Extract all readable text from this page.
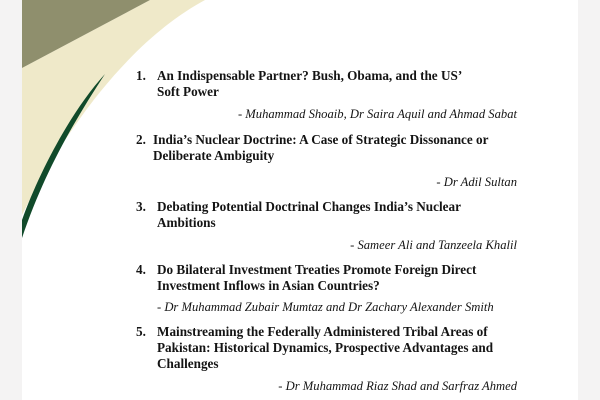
1. An Indispensable Partner? Bush, Obama, and the US’
Soft Power
- Muhammad Shoaib, Dr Saira Aquil and Ahmad Sabat
2. India’s Nuclear Doctrine: A Case of Strategic Dissonance or
Deliberate Ambiguity
- Dr Adil Sultan
3. Debating Potential Doctrinal Changes India’s Nuclear
Ambitions
- Sameer Ali and Tanzeela Khalil
4. Do Bilateral Investment Treaties Promote Foreign Direct
Investment Inflows in Asian Countries?
- Dr Muhammad Zubair Mumtaz and Dr Zachary Alexander Smith
5. Mainstreaming the Federally Administered Tribal Areas of
Pakistan: Historical Dynamics, Prospective Advantages and
Challenges
- Dr Muhammad Riaz Shad and Sarfraz Ahmed
